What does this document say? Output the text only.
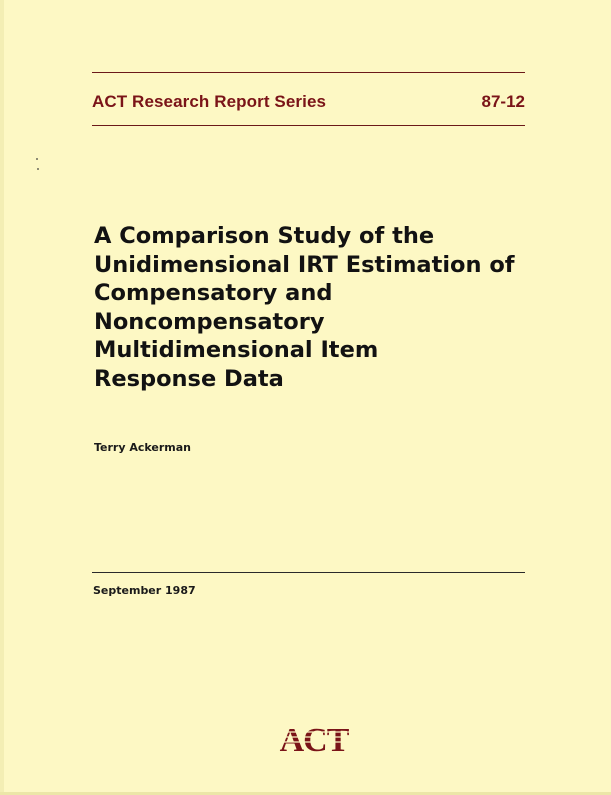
ACT Research Report Series	87-12
A Comparison Study of the
Unidimensional IRT Estimation of
Compensatory and
Noncompensatory
Multidimensional Item
Response Data
Terry Ackerman
September 1987
ACT
